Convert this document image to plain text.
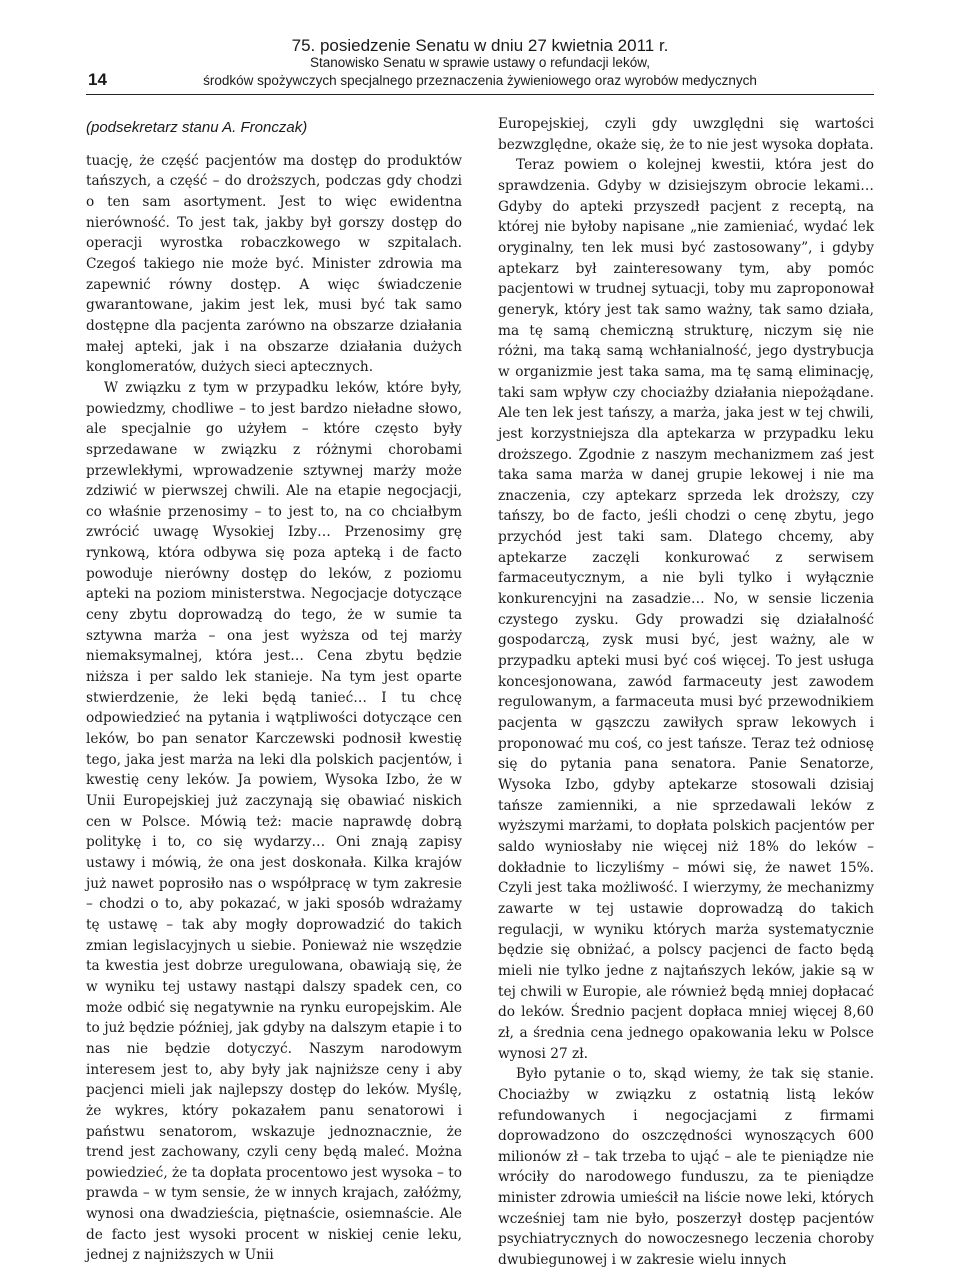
14
75. posiedzenie Senatu w dniu 27 kwietnia 2011 r.
Stanowisko Senatu w sprawie ustawy o refundacji leków,
środków spożywczych specjalnego przeznaczenia żywieniowego oraz wyrobów medycznych
(podsekretarz stanu A. Fronczak)

tuację, że część pacjentów ma dostęp do produktów tańszych, a część – do droższych, podczas gdy chodzi o ten sam asortyment. Jest to więc ewidentna nierówność. To jest tak, jakby był gorszy dostęp do operacji wyrostka robaczkowego w szpitalach. Czegoś takiego nie może być. Minister zdrowia ma zapewnić równy dostęp. A więc świadczenie gwarantowane, jakim jest lek, musi być tak samo dostępne dla pacjenta zarówno na obszarze działania małej apteki, jak i na obszarze działania dużych konglomeratów, dużych sieci aptecznych.

W związku z tym w przypadku leków, które były, powiedzmy, chodliwe – to jest bardzo nieładne słowo, ale specjalnie go użyłem – które często były sprzedawane w związku z różnymi chorobami przewlekłymi, wprowadzenie sztywnej marży może zdziwić w pierwszej chwili. Ale na etapie negocjacji, co właśnie przenosimy – to jest to, na co chciałbym zwrócić uwagę Wysokiej Izby… Przenosimy grę rynkową, która odbywa się poza apteką i de facto powoduje nierówny dostęp do leków, z poziomu apteki na poziom ministerstwa. Negocjacje dotyczące ceny zbytu doprowadzą do tego, że w sumie ta sztywna marża – ona jest wyższa od tej marży niemaksymalnej, która jest… Cena zbytu będzie niższa i per saldo lek stanieje. Na tym jest oparte stwierdzenie, że leki będą tanieć… I tu chcę odpowiedzieć na pytania i wątpliwości dotyczące cen leków, bo pan senator Karczewski podnosił kwestię tego, jaka jest marża na leki dla polskich pacjentów, i kwestię ceny leków. Ja powiem, Wysoka Izbo, że w Unii Europejskiej już zaczynają się obawiać niskich cen w Polsce. Mówią też: macie naprawdę dobrą politykę i to, co się wydarzy… Oni znają zapisy ustawy i mówią, że ona jest doskonała. Kilka krajów już nawet poprosiło nas o współpracę w tym zakresie – chodzi o to, aby pokazać, w jaki sposób wdrażamy tę ustawę – tak aby mogły doprowadzić do takich zmian legislacyjnych u siebie. Ponieważ nie wszędzie ta kwestia jest dobrze uregulowana, obawiają się, że w wyniku tej ustawy nastąpi dalszy spadek cen, co może odbić się negatywnie na rynku europejskim. Ale to już będzie później, jak gdyby na dalszym etapie i to nas nie będzie dotyczyć. Naszym narodowym interesem jest to, aby były jak najniższe ceny i aby pacjenci mieli jak najlepszy dostęp do leków. Myślę, że wykres, który pokazałem panu senatorowi i państwu senatorom, wskazuje jednoznacznie, że trend jest zachowany, czyli ceny będą maleć. Można powiedzieć, że ta dopłata procentowo jest wysoka – to prawda – w tym sensie, że w innych krajach, załóżmy, wynosi ona dwadzieścia, piętnaście, osiemnaście. Ale de facto jest wysoki procent w niskiej cenie leku, jednej z najniższych w Unii

Europejskiej, czyli gdy uwzględni się wartości bezwzględne, okaże się, że to nie jest wysoka dopłata.

Teraz powiem o kolejnej kwestii, która jest do sprawdzenia. Gdyby w dzisiejszym obrocie lekami… Gdyby do apteki przyszedł pacjent z receptą, na której nie byłoby napisane „nie zamieniać, wydać lek oryginalny, ten lek musi być zastosowany”, i gdyby aptekarz był zainteresowany tym, aby pomóc pacjentowi w trudnej sytuacji, toby mu zaproponował generyk, który jest tak samo ważny, tak samo działa, ma tę samą chemiczną strukturę, niczym się nie różni, ma taką samą wchłanialność, jego dystrybucja w organizmie jest taka sama, ma tę samą eliminację, taki sam wpływ czy chociażby działania niepożądane. Ale ten lek jest tańszy, a marża, jaka jest w tej chwili, jest korzystniejsza dla aptekarza w przypadku leku droższego. Zgodnie z naszym mechanizmem zaś jest taka sama marża w danej grupie lekowej i nie ma znaczenia, czy aptekarz sprzeda lek droższy, czy tańszy, bo de facto, jeśli chodzi o cenę zbytu, jego przychód jest taki sam. Dlatego chcemy, aby aptekarze zaczęli konkurować z serwisem farmaceutycznym, a nie byli tylko i wyłącznie konkurencyjni na zasadzie… No, w sensie liczenia czystego zysku. Gdy prowadzi się działalność gospodarczą, zysk musi być, jest ważny, ale w przypadku apteki musi być coś więcej. To jest usługa koncesjonowana, zawód farmaceuty jest zawodem regulowanym, a farmaceuta musi być przewodnikiem pacjenta w gąszczu zawiłych spraw lekowych i proponować mu coś, co jest tańsze. Teraz też odniosę się do pytania pana senatora. Panie Senatorze, Wysoka Izbo, gdyby aptekarze stosowali dzisiaj tańsze zamienniki, a nie sprzedawali leków z wyższymi marżami, to dopłata polskich pacjentów per saldo wyniosłaby nie więcej niż 18% do leków – dokładnie to liczyliśmy – mówi się, że nawet 15%. Czyli jest taka możliwość. I wierzymy, że mechanizmy zawarte w tej ustawie doprowadzą do takich regulacji, w wyniku których marża systematycznie będzie się obniżać, a polscy pacjenci de facto będą mieli nie tylko jedne z najtańszych leków, jakie są w tej chwili w Europie, ale również będą mniej dopłacać do leków. Średnio pacjent dopłaca mniej więcej 8,60 zł, a średnia cena jednego opakowania leku w Polsce wynosi 27 zł.

Było pytanie o to, skąd wiemy, że tak się stanie. Chociażby w związku z ostatnią listą leków refundowanych i negocjacjami z firmami doprowadzono do oszczędności wynoszących 600 milionów zł – tak trzeba to ująć – ale te pieniądze nie wróciły do narodowego funduszu, za te pieniądze minister zdrowia umieścił na liście nowe leki, których wcześniej tam nie było, poszerzył dostęp pacjentów psychiatrycznych do nowoczesnego leczenia choroby dwubiegunowej i w zakresie wielu innych
